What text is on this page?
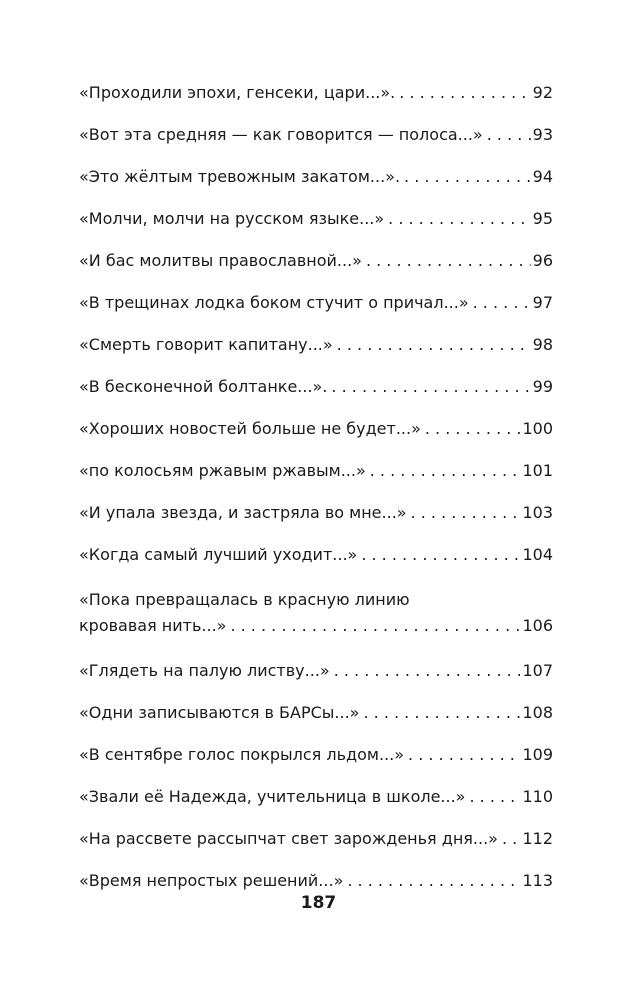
«Проходили эпохи, генсеки, цари...». . . .	92
«Вот эта средняя — как говорится — полоса...» . . .	93
«Это жёлтым тревожным закатом...». . . .	94
«Молчи, молчи на русском языке...» . . .	95
«И бас молитвы православной...» . . .	96
«В трещинах лодка боком стучит о причал...» . . .	97
«Смерть говорит капитану...» . . .	98
«В бесконечной болтанке...». . . .	99
«Хороших новостей больше не будет...» . . .	100
«по колосьям ржавым ржавым...» . . .	101
«И упала звезда, и застряла во мне...» . . .	103
«Когда самый лучший уходит...» . . .	104
«Пока превращалась в красную линию
кровавая нить...» . . .	106
«Глядеть на палую листву...» . . .	107
«Одни записываются в БАРСы...» . . .	108
«В сентябре голос покрылся льдом...» . . .	109
«Звали её Надежда, учительница в школе...» . . .	110
«На рассвете рассыпчат свет зарожденья дня...» . . . 112
«Время непростых решений...» . . .	113
187
